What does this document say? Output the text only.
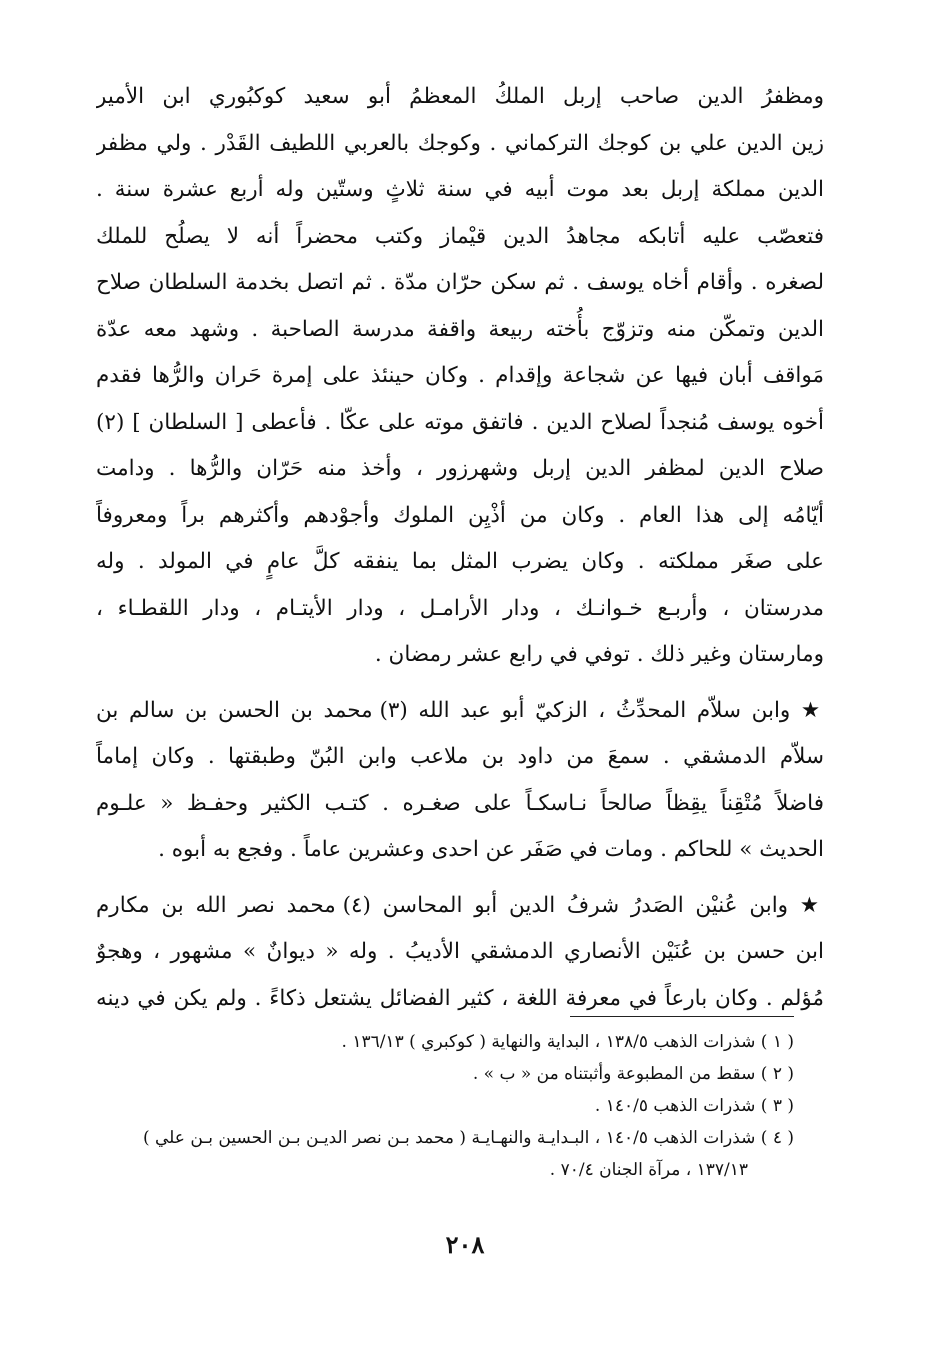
ومظفرُ الدين صاحب إربل الملكُ المعظمُ أبو سعيد كوكبُوري ابن الأمير
زين الدين علي بن كوجك التركماني . وكوجك بالعربي اللطيف القَدْر . ولي مظفر
الدين مملكة إربل بعد موت أبيه في سنة ثلاثٍ وستّين وله أربع عشرة سنة .
فتعصّب عليه أتابكه مجاهدُ الدين قيْماز وكتب محضراً أنه لا يصلُح للملك
لصغره . وأقام أخاه يوسف . ثم سكن حرّان مدّة . ثم اتصل بخدمة السلطان صلاح
الدين وتمكّن منه وتزوّج بأُخته ربيعة واقفة مدرسة الصاحبة . وشهد معه عدّة
مَواقف أبان فيها عن شجاعة وإقدام . وكان حينئذ على إمرة حَران والرُّها فقدم
أخوه يوسف مُنجداً لصلاح الدين . فاتفق موته على عكّا . فأعطى [ السلطان ] (٢)
صلاح الدين لمظفر الدين إربل وشهرزور ، وأخذ منه حَرّان والرُّها . ودامت
أيّامُه إلى هذا العام . وكان من أذْيِن الملوك وأجوْدهم وأكثرهم براً ومعروفاً
على صغَر مملكته . وكان يضرب المثل بما ينفقه كلَّ عامٍ في المولد . وله
مدرستان ، وأربـع خـوانـك ، ودار الأرامـل ، ودار الأيتـام ، ودار اللقطـاء ،
ومارستان وغير ذلك . توفي في رابع عشر رمضان .
★ وابن سلاّم المحدِّثُ ، الزكيّ أبو عبد الله (٣) محمد بن الحسن بن سالم بن
سلاّم الدمشقي . سمعَ من داود بن ملاعب وابن البُنّ وطبقتها . وكان إماماً
فاضلاً مُتْقِناً يقِظاً صالحاً نـاسكـاً على صغـره . كتـب الكثير وحفـظ « علـوم
الحديث » للحاكم . ومات في صَفَر عن احدى وعشرين عاماً . وفجع به أبوه .
★ وابن عُنيْن الصَدرُ شرفُ الدين أبو المحاسن (٤) محمد نصر الله بن مكارم
ابن حسن بن عُنَيْن الأنصاري الدمشقي الأديبُ . وله « ديوانٌ » مشهور ، وهجوٌ
مُؤلم . وكان بارعاً في معرفة اللغة ، كثير الفضائل يشتعل ذكاءً . ولم يكن في دينه
( ١ ) شذرات الذهب ١٣٨/٥ ، البداية والنهاية ( كوكبري ) ١٣٦/١٣ .
( ٢ ) سقط من المطبوعة وأثبتناه من « ب » .
( ٣ ) شذرات الذهب ١٤٠/٥ .
( ٤ ) شذرات الذهب ١٤٠/٥ ، البـدايـة والنهـايـة ( محمد بـن نصر الديـن بـن الحسين بـن علي )
١٣٧/١٣ ، مرآة الجنان ٧٠/٤ .
٢٠٨
